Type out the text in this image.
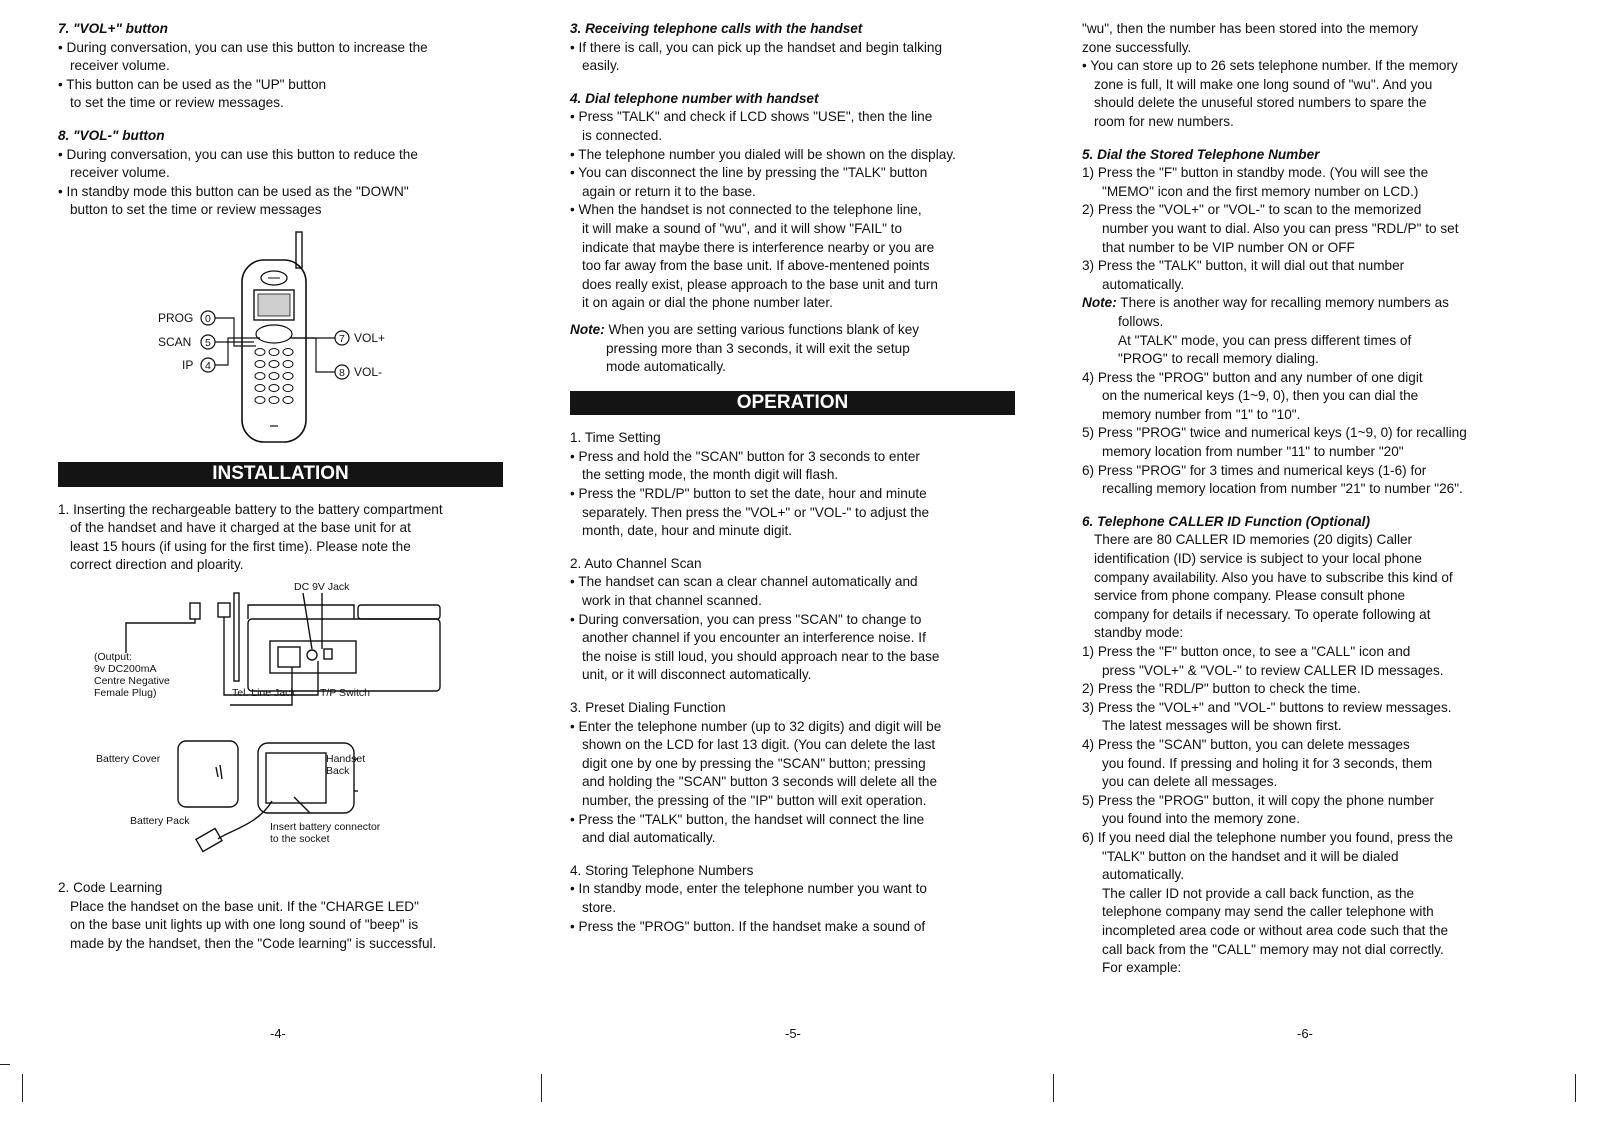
7. "VOL+" button

• During conversation, you can use this button to increase the

receiver volume.

• This button can be used as the "UP" button

to set the time or review messages.

8. "VOL-" button

• During conversation, you can use this button to reduce the

receiver volume.

• In standby mode this button can be used as the "DOWN"

button to set the time or review messages

PROG 0
SCAN 5
IP 4
7 VOL+
8 VOL-

INSTALLATION

1. Inserting the rechargeable battery to the battery compartment

of the handset and have it charged at the base unit for at

least 15 hours (if using for the first time). Please note the

correct direction and ploarity.

DC 9V Jack
(Output:
9v DC200mA
Centre Negative
Female Plug)	Tel. Line Jack T/P Switch
Battery Cover	Handset
Back
Battery Pack	Insert battery connector
to the socket

2. Code Learning

Place the handset on the base unit. If the "CHARGE LED"

on the base unit lights up with one long sound of "beep" is

made by the handset, then the "Code learning" is successful.

3. Receiving telephone calls with the handset

• If there is call, you can pick up the handset and begin talking

easily.

4. Dial telephone number with handset

• Press "TALK" and check if LCD shows "USE", then the line

is connected.

• The telephone number you dialed will be shown on the display.

• You can disconnect the line by pressing the "TALK" button

again or return it to the base.

• When the handset is not connected to the telephone line,

it will make a sound of "wu", and it will show "FAIL" to

indicate that maybe there is interference nearby or you are

too far away from the base unit. If above-mentened points

does really exist, please approach to the base unit and turn

it on again or dial the phone number later.

Note: When you are setting various functions blank of key

pressing more than 3 seconds, it will exit the setup

mode automatically.

OPERATION

1. Time Setting

• Press and hold the "SCAN" button for 3 seconds to enter

the setting mode, the month digit will flash.

• Press the "RDL/P" button to set the date, hour and minute

separately. Then press the "VOL+" or "VOL-" to adjust the

month, date, hour and minute digit.

2. Auto Channel Scan

• The handset can scan a clear channel automatically and

work in that channel scanned.

• During conversation, you can press "SCAN" to change to

another channel if you encounter an interference noise. If

the noise is still loud, you should approach near to the base

unit, or it will disconnect automatically.

3. Preset Dialing Function

• Enter the telephone number (up to 32 digits) and digit will be

shown on the LCD for last 13 digit. (You can delete the last

digit one by one by pressing the "SCAN" button; pressing

and holding the "SCAN" button 3 seconds will delete all the

number, the pressing of the "IP" button will exit operation.

• Press the "TALK" button, the handset will connect the line

and dial automatically.

4. Storing Telephone Numbers

• In standby mode, enter the telephone number you want to

store.

• Press the "PROG" button. If the handset make a sound of

"wu", then the number has been stored into the memory

zone successfully.

• You can store up to 26 sets telephone number. If the memory

zone is full, It will make one long sound of "wu". And you

should delete the unuseful stored numbers to spare the

room for new numbers.

5. Dial the Stored Telephone Number

1) Press the "F" button in standby mode. (You will see the

"MEMO" icon and the first memory number on LCD.)

2) Press the "VOL+" or "VOL-" to scan to the memorized

number you want to dial. Also you can press "RDL/P" to set

that number to be VIP number ON or OFF

3) Press the "TALK" button, it will dial out that number

automatically.

Note: There is another way for recalling memory numbers as

follows.

At "TALK" mode, you can press different times of

"PROG" to recall memory dialing.

4) Press the "PROG" button and any number of one digit

on the numerical keys (1~9, 0), then you can dial the

memory number from "1" to "10".

5) Press "PROG" twice and numerical keys (1~9, 0) for recalling

memory location from number "11" to number "20"

6) Press "PROG" for 3 times and numerical keys (1-6) for

recalling memory location from number "21" to number "26".

6. Telephone CALLER ID Function (Optional)

There are 80 CALLER ID memories (20 digits) Caller

identification (ID) service is subject to your local phone

company availability. Also you have to subscribe this kind of

service from phone company. Please consult phone

company for details if necessary. To operate following at

standby mode:

1) Press the "F" button once, to see a "CALL" icon and

press "VOL+" & "VOL-" to review CALLER ID messages.

2) Press the "RDL/P" button to check the time.

3) Press the "VOL+" and "VOL-" buttons to review messages.

The latest messages will be shown first.

4) Press the "SCAN" button, you can delete messages

you found. If pressing and holing it for 3 seconds, them

you can delete all messages.

5) Press the "PROG" button, it will copy the phone number

you found into the memory zone.

6) If you need dial the telephone number you found, press the

"TALK" button on the handset and it will be dialed

automatically.

The caller ID not provide a call back function, as the

telephone company may send the caller telephone with

incompleted area code or without area code such that the

call back from the "CALL" memory may not dial correctly.

For example:

-4-	-5-	-6-
